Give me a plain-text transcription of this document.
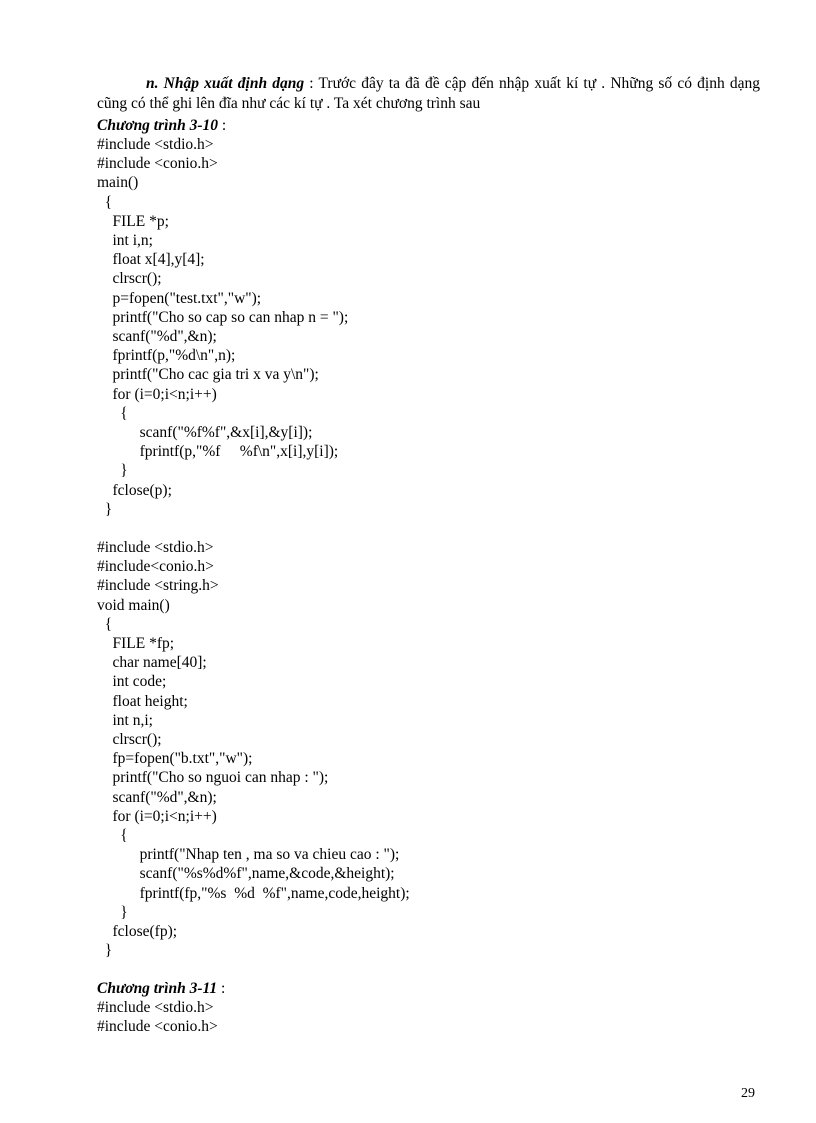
n. Nhập xuất định dạng : Trước đây ta đã đề cập đến nhập xuất kí tự . Những số có định dạng cũng có thể ghi lên đĩa như các kí tự . Ta xét chương trình sau
Chương trình 3-10 :
#include <stdio.h>
#include <conio.h>
main()
{
FILE *p;
int i,n;
float x[4],y[4];
clrscr();
p=fopen("test.txt","w");
printf("Cho so cap so can nhap n = ");
scanf("%d",&n);
fprintf(p,"%d\n",n);
printf("Cho cac gia tri x va y\n");
for (i=0;i<n;i++)
{
scanf("%f%f",&x[i],&y[i]);
fprintf(p,"%f     %f\n",x[i],y[i]);
}
fclose(p);
}
#include <stdio.h>
#include<conio.h>
#include <string.h>
void main()
{
FILE *fp;
char name[40];
int code;
float height;
int n,i;
clrscr();
fp=fopen("b.txt","w");
printf("Cho so nguoi can nhap : ");
scanf("%d",&n);
for (i=0;i<n;i++)
{
printf("Nhap ten , ma so va chieu cao : ");
scanf("%s%d%f",name,&code,&height);
fprintf(fp,"%s  %d  %f",name,code,height);
}
fclose(fp);
}
Chương trình 3-11 :
#include <stdio.h>
#include <conio.h>
29
